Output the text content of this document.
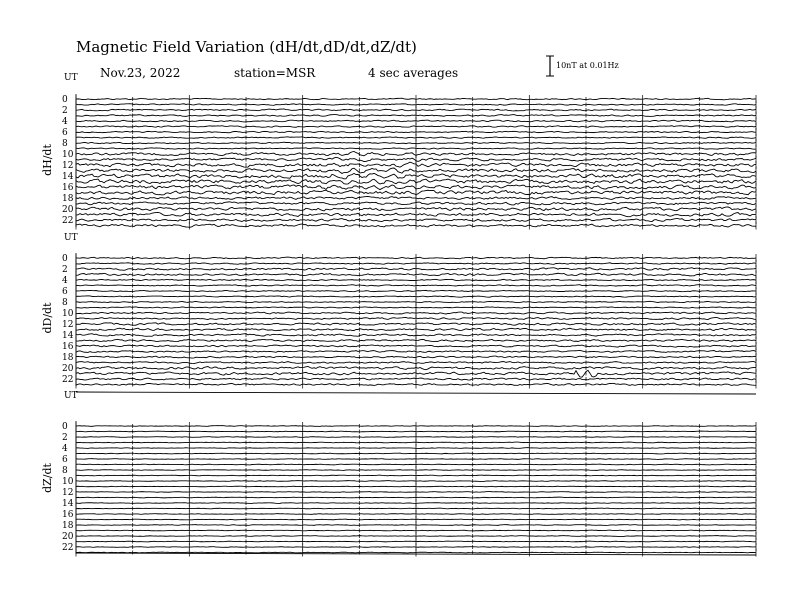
Magnetic Field Variation (dH/dt,dD/dt,dZ/dt)
Nov.23, 2022	station=MSR	4 sec averages
10nT at 0.01Hz
UT
dH/dt
0
2
4
6
8
10
12
14
16
18
20
22
UT
dD/dt
0
2
4
6
8
10
12
14
16
18
20
22
UT
dZ/dt
0
2
4
6
8
10
12
14
16
18
20
22
